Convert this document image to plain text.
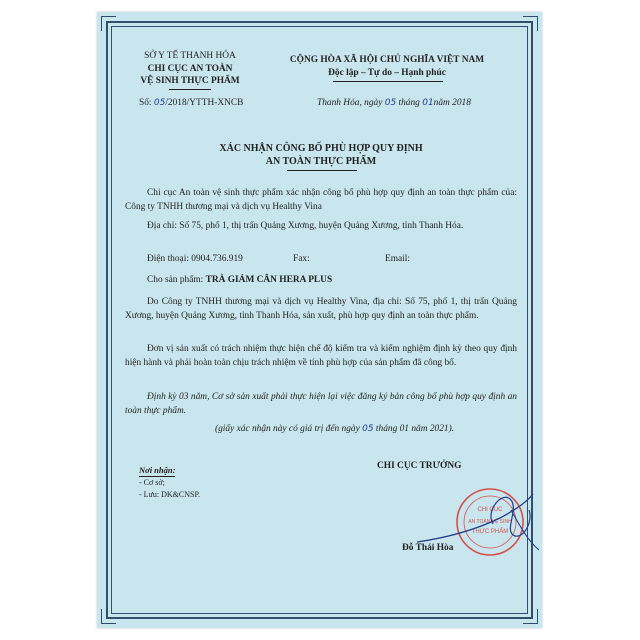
SỞ Y TẾ THANH HÓA
CHI CỤC AN TOÀN
VỆ SINH THỰC PHẨM
Số: 05/2018/YTTH-XNCB
CỘNG HÒA XÃ HỘI CHỦ NGHĨA VIỆT NAM
Độc lập – Tự do – Hạnh phúc
Thanh Hóa, ngày 05 tháng 01năm 2018
XÁC NHẬN CÔNG BỐ PHÙ HỢP QUY ĐỊNH
AN TOÀN THỰC PHẨM
Chi cục An toàn vệ sinh thực phẩm xác nhận công bố phù hợp quy định an toàn thực phẩm của: Công ty TNHH thương mại và dịch vụ Healthy Vina
Địa chỉ: Số 75, phố 1, thị trấn Quảng Xương, huyện Quảng Xương, tỉnh Thanh Hóa.
Điện thoại: 0904.736.919	Fax:	Email:
Cho sản phẩm: TRÀ GIẢM CÂN HERA PLUS
Do Công ty TNHH thương mại và dịch vụ Healthy Vina, địa chỉ: Số 75, phố 1, thị trấn Quảng Xương, huyện Quảng Xương, tỉnh Thanh Hóa, sản xuất, phù hợp quy định an toàn thực phẩm.
Đơn vị sản xuất có trách nhiệm thực hiện chế độ kiểm tra và kiểm nghiệm định kỳ theo quy định hiện hành và phải hoàn toàn chịu trách nhiệm về tính phù hợp của sản phẩm đã công bố.
Định kỳ 03 năm, Cơ sở sản xuất phải thực hiện lại việc đăng ký bản công bố phù hợp quy định an toàn thực phẩm.
(giấy xác nhận này có giá trị đến ngày 05 tháng 01 năm 2021).
Nơi nhận:
- Cơ sở;
- Lưu: DK&CNSP.
CHI CỤC TRƯỞNG
CHI CỤC
AN TOÀN VỆ SINH
THỰC PHẨM
Đỗ Thái Hòa
